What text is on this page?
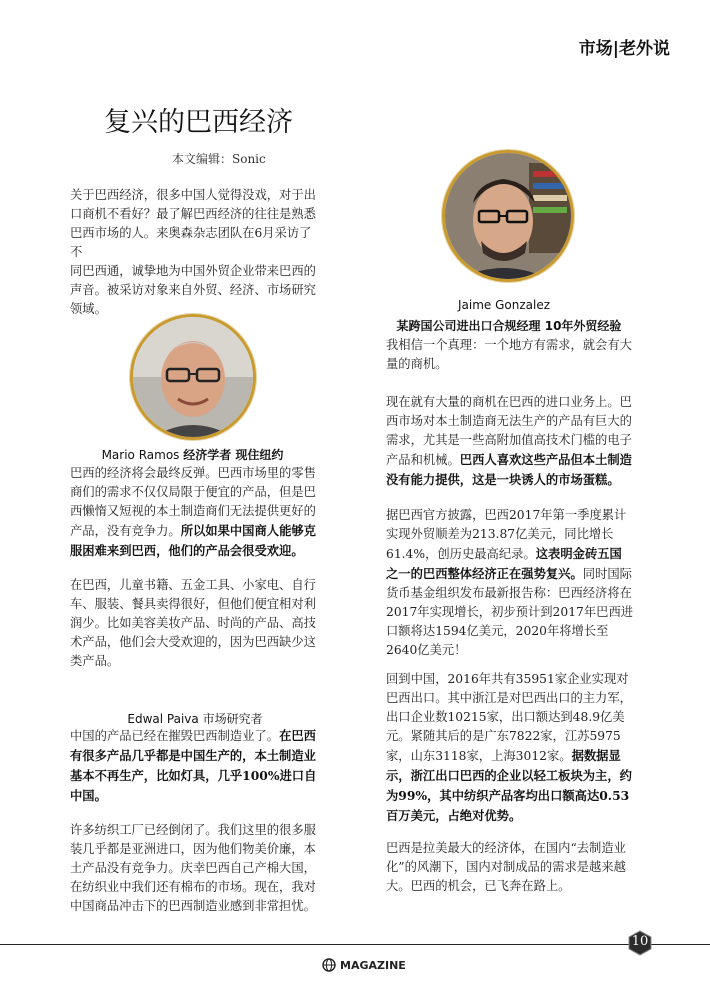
市场|老外说
复兴的巴西经济
本文编辑：Sonic
关于巴西经济，很多中国人觉得没戏，对于出
口商机不看好？最了解巴西经济的往往是熟悉
巴西市场的人。来奥森杂志团队在6月采访了不
同巴西通，诚挚地为中国外贸企业带来巴西的
声音。被采访对象来自外贸、经济、市场研究
领域。
Mario Ramos 经济学者 现住纽约

巴西的经济将会最终反弹。巴西市场里的零售商们的需求不仅仅局限于便宜的产品，但是巴西懒惰又短视的本土制造商们无法提供更好的产品，没有竞争力。所以如果中国商人能够克服困难来到巴西，他们的产品会很受欢迎。

在巴西，儿童书籍、五金工具、小家电、自行车、服装、餐具卖得很好，但他们便宜相对利润少。比如美容美妆产品、时尚的产品、高技术产品，他们会大受欢迎的，因为巴西缺少这类产品。

Edwal Paiva 市场研究者

中国的产品已经在摧毁巴西制造业了。在巴西有很多产品几乎都是中国生产的，本土制造业基本不再生产，比如灯具，几乎100%进口自中国。

许多纺织工厂已经倒闭了。我们这里的很多服装几乎都是亚洲进口，因为他们物美价廉，本土产品没有竞争力。庆幸巴西自己产棉大国，在纺织业中我们还有棉布的市场。现在，我对中国商品冲击下的巴西制造业感到非常担忧。

Jaime Gonzalez
某跨国公司进出口合规经理 10年外贸经验

我相信一个真理：一个地方有需求，就会有大量的商机。

现在就有大量的商机在巴西的进口业务上。巴西市场对本土制造商无法生产的产品有巨大的需求，尤其是一些高附加值高技术门槛的电子产品和机械。巴西人喜欢这些产品但本土制造没有能力提供，这是一块诱人的市场蛋糕。

据巴西官方披露，巴西2017年第一季度累计实现外贸顺差为213.87亿美元，同比增长61.4%，创历史最高纪录。这表明金砖五国之一的巴西整体经济正在强势复兴。同时国际货币基金组织发布最新报告称：巴西经济将在2017年实现增长，初步预计到2017年巴西进口额将达1594亿美元，2020年将增长至2640亿美元！

回到中国，2016年共有35951家企业实现对巴西出口。其中浙江是对巴西出口的主力军，出口企业数10215家，出口额达到48.9亿美元。紧随其后的是广东7822家，江苏5975家，山东3118家，上海3012家。据数据显示，浙江出口巴西的企业以轻工板块为主，约为99%，其中纺织产品客均出口额高达0.53百万美元，占绝对优势。

巴西是拉美最大的经济体，在国内“去制造业化”的风潮下，国内对制成品的需求是越来越大。巴西的机会，已飞奔在路上。

10
MAGAZINE
